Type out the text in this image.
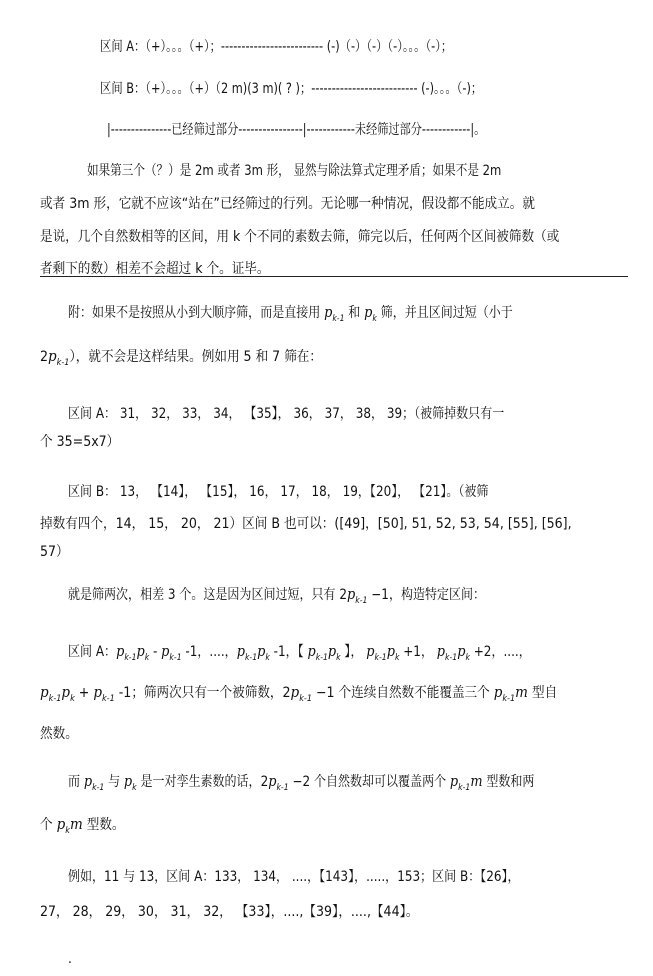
区间 A：（+）。。。（+）；------------------------- (-)（-）（-）（-）。。。（-）；
区间 B：（+）。。。（+）（2 m)(3 m)( ? )；-------------------------- (-)。。。（-)；
|---------------已经筛过部分----------------|------------未经筛过部分------------|。
如果第三个（？）是 2m 或者 3m 形， 显然与除法算式定理矛盾；如果不是 2m
或者 3m 形，它就不应该“站在”已经筛过的行列。无论哪一种情况，假设都不能成立。就
是说，几个自然数相等的区间，用 k 个不同的素数去筛，筛完以后，任何两个区间被筛数（或
者剩下的数）相差不会超过 k 个。证毕。
附：如果不是按照从小到大顺序筛，而是直接用 $p_{k-1}$ 和 $p_k$ 筛，并且区间过短（小于
$2p_{k-1}$），就不会是这样结果。例如用 5 和 7 筛在：
区间 A： 31， 32， 33， 34， 【35】， 36， 37， 38， 39；（被筛掉数只有一
个 35=5x7）
区间 B： 13， 【14】， 【15】， 16， 17， 18， 19，【20】， 【21】。（被筛
掉数有四个，14， 15， 20， 21）区间 B 也可以：([49]，[50], 51, 52, 53, 54, [55], [56],
57）
就是筛两次，相差 3 个。这是因为区间过短，只有 $2p_{k-1} -1$，构造特定区间：
区间 A：$p_{k-1}p_k - p_{k-1}$ -1，....，$p_{k-1}p_k$ -1，【 $p_{k-1}p_k$ 】， $p_{k-1}p_k +1$， $p_{k-1}p_k +2$，....，
$p_{k-1}p_k + p_{k-1}$ -1；筛两次只有一个被筛数，$2p_{k-1} -1$ 个连续自然数不能覆盖三个 $p_{k-1}m$ 型自
然数。
而 $p_{k-1}$ 与 $p_k$ 是一对孪生素数的话，$2p_{k-1} -2$ 个自然数却可以覆盖两个 $p_{k-1}m$ 型数和两
个 $p_km$ 型数。
例如，11 与 13，区间 A：133， 134， ....，【143】，.....，153；区间 B：【26】，
27， 28， 29， 30， 31， 32， 【33】，....,【39】，....,【44】。
.
